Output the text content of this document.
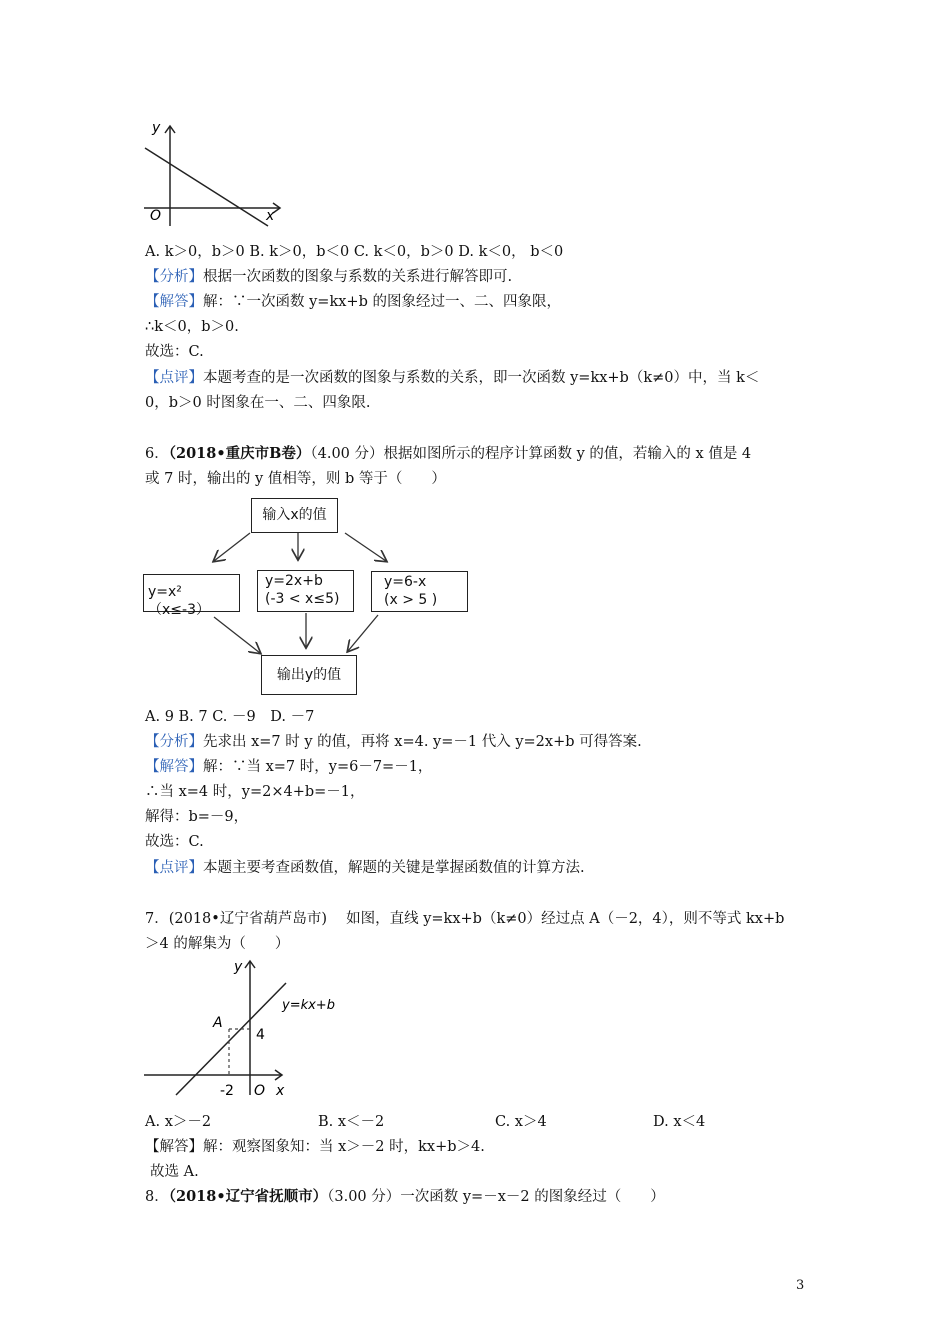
y
O	x
A. k＞0，b＞0 B. k＞0，b＜0 C. k＜0，b＞0 D. k＜0， b＜0
【分析】根据一次函数的图象与系数的关系进行解答即可.
【解答】解：∵一次函数 y=kx+b 的图象经过一、二、四象限，
∴k＜0，b＞0.
故选：C.
【点评】本题考查的是一次函数的图象与系数的关系，即一次函数 y=kx+b（k≠0）中，当 k＜
0，b＞0 时图象在一、二、四象限.
6．（2018•重庆市B卷）（4.00 分）根据如图所示的程序计算函数 y 的值，若输入的 x 值是 4
或 7 时，输出的 y 值相等，则 b 等于（　　）
输入x的值
y=x² （x≤-3）
y=2x+b
(-3 < x≤5)
y=6-x
(x > 5 )
输出y的值
A. 9 B. 7 C. －9　D. －7
【分析】先求出 x=7 时 y 的值，再将 x=4. y=－1 代入 y=2x+b 可得答案.
【解答】解：∵当 x=7 时，y=6－7=－1，
∴当 x=4 时，y=2×4+b=－1，
解得：b=－9，
故选：C.
【点评】本题主要考查函数值，解题的关键是掌握函数值的计算方法.
7．(2018•辽宁省葫芦岛市)　 如图，直线 y=kx+b（k≠0）经过点 A（－2，4），则不等式 kx+b
＞4 的解集为（　　）
y
y=kx+b
A
4
-2 O x
A. x＞－2	B. x＜－2	C. x＞4	D. x＜4
【解答】解：观察图象知：当 x＞－2 时，kx+b＞4.
故选 A.
8．（2018•辽宁省抚顺市）（3.00 分）一次函数 y=－x－2 的图象经过（　　）
3
